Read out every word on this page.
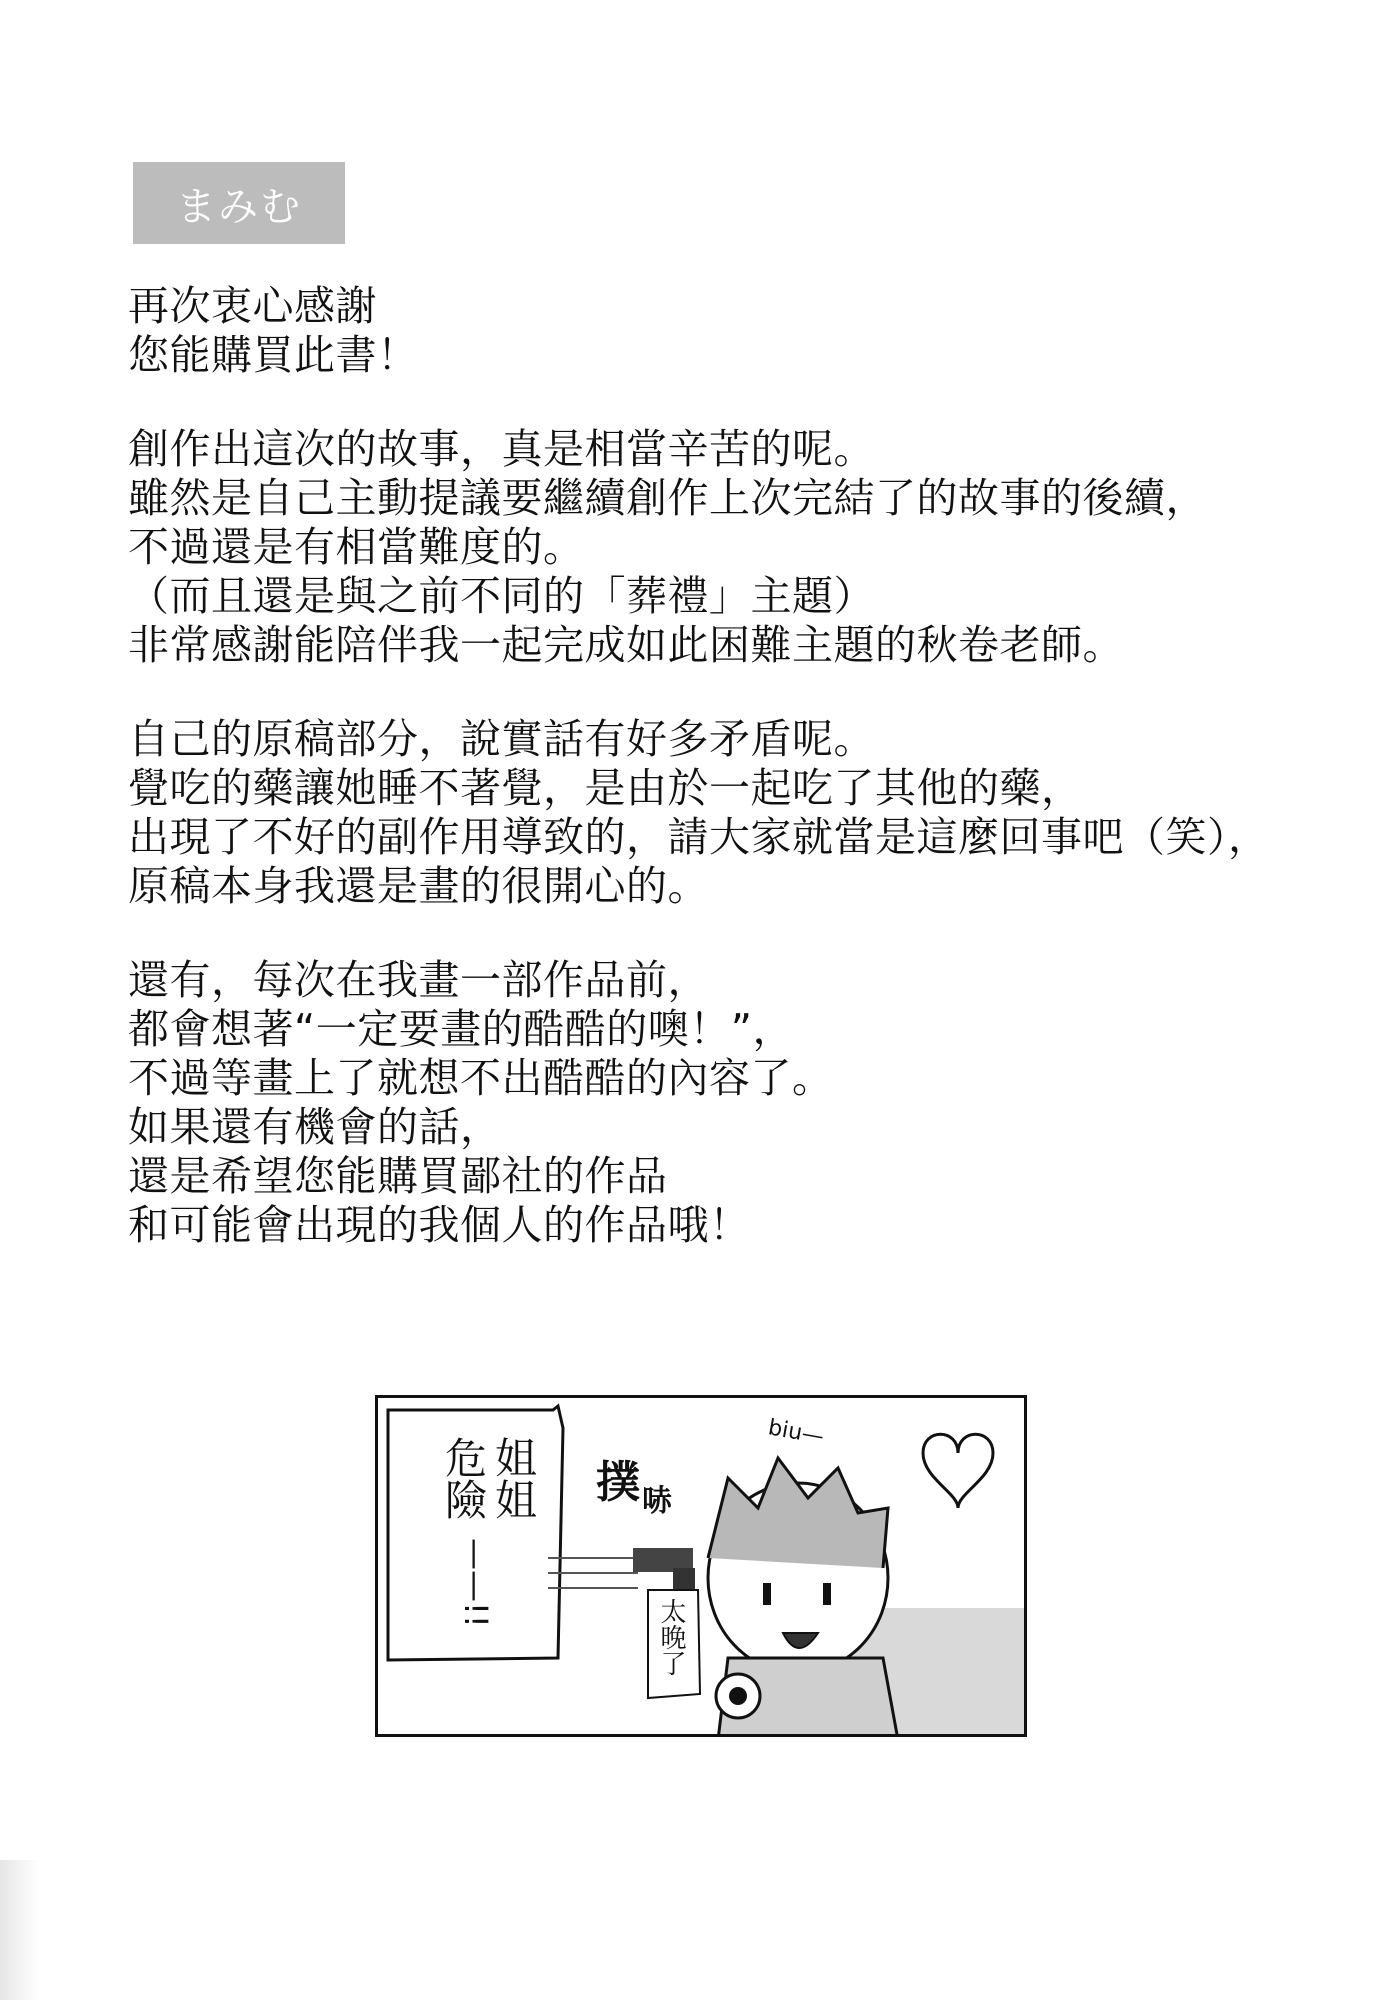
まみむ
再次衷心感謝
您能購買此書！
創作出這次的故事，真是相當辛苦的呢。
雖然是自己主動提議要繼續創作上次完結了的故事的後續，
不過還是有相當難度的。
（而且還是與之前不同的「葬禮」主題）
非常感謝能陪伴我一起完成如此困難主題的秋卷老師。
自己的原稿部分，說實話有好多矛盾呢。
覺吃的藥讓她睡不著覺，是由於一起吃了其他的藥，
出現了不好的副作用導致的，請大家就當是這麼回事吧（笑），
原稿本身我還是畫的很開心的。
還有，每次在我畫一部作品前，
都會想著“一定要畫的酷酷的噢！”，
不過等畫上了就想不出酷酷的內容了。
如果還有機會的話，
還是希望您能購買鄙社的作品
和可能會出現的我個人的作品哦！
姐姐
危險
——!!
撲 哧
biu—
太晚了
